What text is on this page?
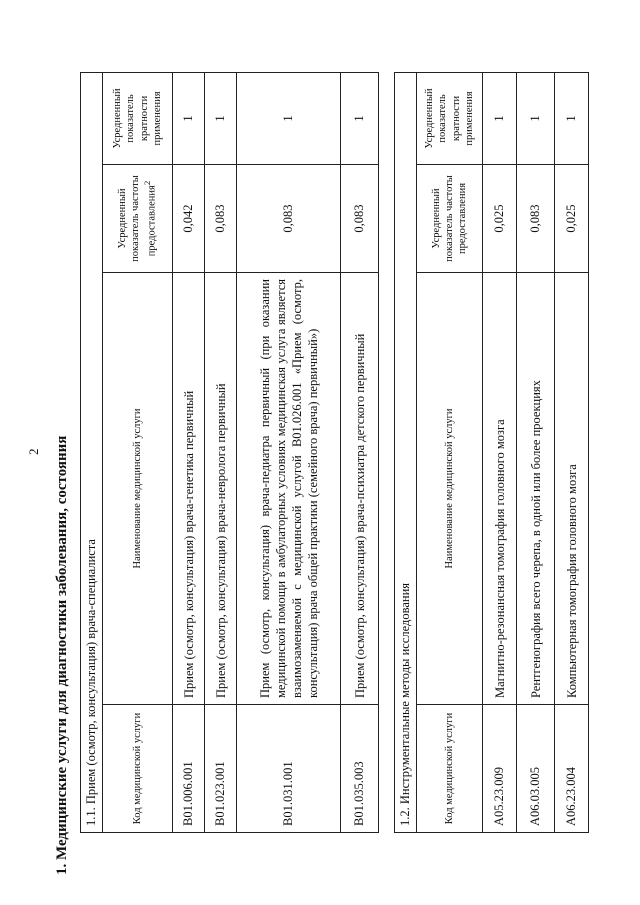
2 1. Медицинские услуги для диагностики заболевания, состояния 1.1. Прием (осмотр, консультация) врача-специалиста			
Код медицинской услуги	Наименование медицинской услуги	Усредненный показатель частоты предоставления$^2$	Усредненный показатель кратности применения
B01.006.001	Прием (осмотр, консультация) врача-генетика первичный	0,042	1
B01.023.001	Прием (осмотр, консультация) врача-невролога первичный	0,083	1
B01.031.001	Прием (осмотр, консультация) врача-педиатра первичный (при оказании медицинской помощи в амбулаторных условиях медицинская услуга является взаимозаменяемой с медицинской услугой B01.026.001 «Прием (осмотр, консультация) врача общей практики (семейного врача) первичный»)	0,083	1
B01.035.003	Прием (осмотр, консультация) врача-психиатра детского первичный	0,083	1
1.2. Инструментальные методы исследования			
Код медицинской услуги	Наименование медицинской услуги	Усредненный показатель частоты предоставления	Усредненный показатель кратности применения
A05.23.009	Магнитно-резонансная томография головного мозга	0,025	1
A06.03.005	Рентгенография всего черепа, в одной или более проекциях	0,083	1
A06.23.004	Компьютерная томография головного мозга	0,025	1
